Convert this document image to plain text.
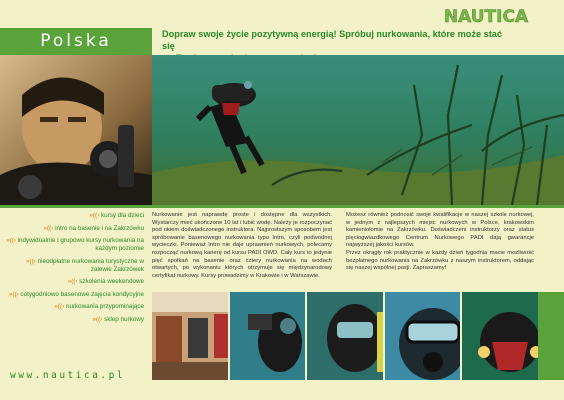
NAUTICA
Polska	Dopraw swoje życie pozytywną energią! Spróbuj nurkowania, które może stać się
»((› kursy dla dzieci
»((› intro na basenie i na Zakrzówku
»((› indywidualnie i grupowo kursy nurkowania na każdym poziomie
»((› nieodpłatne nurkowania turystyczne w zalewie Zakrzówek
»((› szkolenia weekendowe
»((› cotygodniowo basenowe zajęcia kondycyjne
»((› nurkowania przypominające
»((› sklep nurkowy
Nurkowanie jest naprawdę proste i dostępne dla wszystkich. Wystarczy mieć ukończone 10 lat i lubić wodę. Należy je rozpoczynać pod okiem doświadczonego instruktora. Najprostszym sposobem jest spróbowanie basenowego nurkowania typu Intro, czyli podwodnej wycieczki. Ponieważ Intro nie daje uprawnień nurkowych, polecamy rozpocząć nurkową karierę od kursu PADI OWD. Cały kurs to jedynie pięć spotkań na basenie oraz cztery nurkowania na wodach otwartych, po wykonaniu których otrzymuje się międzynarodowy certyfikat nurkowy. Kursy prowadzimy w Krakowie i w Warszawie.

Możesz również podnosić swoje kwalifikacje w naszej szkole nurkowej, w jednym z najlepszych miejsc nurkowych w Polsce, krakowskim kamieniołomie na Zakrzówku. Doświadczeni instruktorzy oraz status pięciogwiazdkowego Centrum Nurkowego PADI dają gwarancje najwyższej jakości kursów.

Przez okrągły rok praktycznie w każdy dzień tygodnia macie możliwość bezpłatnego nurkowania na Zakrzówku z naszym instruktorem, oddając się naszej wspólnej pasji. Zapraszamy!

www.nautica.pl
